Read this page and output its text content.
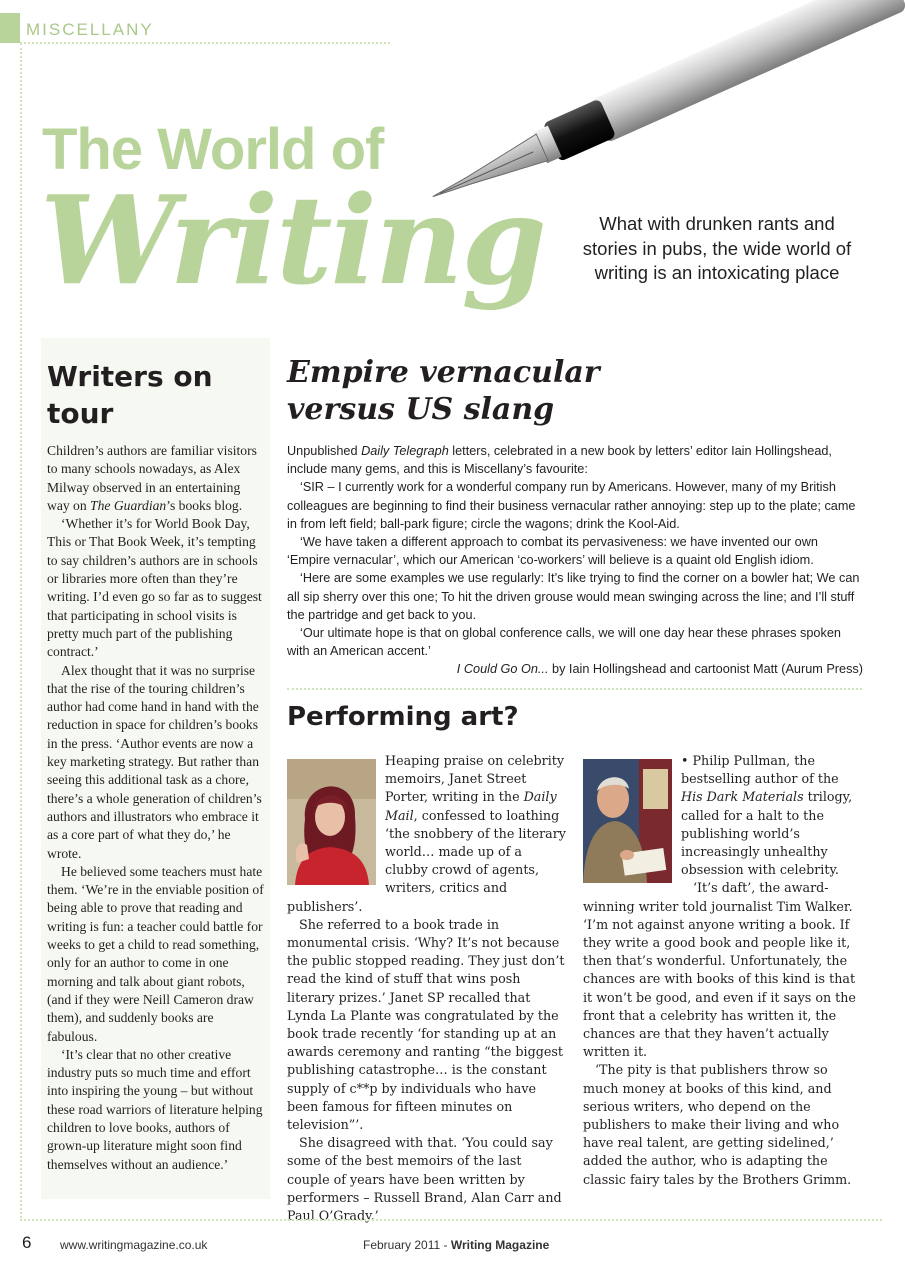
MISCELLANY
The World of
Writing	What with drunken rants and stories in pubs, the wide world of writing is an intoxicating place
Writers on tour

Children’s authors are familiar visitors to many schools nowadays, as Alex Milway observed in an entertaining way on The Guardian’s books blog.

‘Whether it’s for World Book Day, This or That Book Week, it’s tempting to say children’s authors are in schools or libraries more often than they’re writing. I’d even go so far as to suggest that participating in school visits is pretty much part of the publishing contract.’

Alex thought that it was no surprise that the rise of the touring children’s author had come hand in hand with the reduction in space for children’s books in the press. ‘Author events are now a key marketing strategy. But rather than seeing this additional task as a chore, there’s a whole generation of children’s authors and illustrators who embrace it as a core part of what they do,’ he wrote.

He believed some teachers must hate them. ‘We’re in the enviable position of being able to prove that reading and writing is fun: a teacher could battle for weeks to get a child to read something, only for an author to come in one morning and talk about giant robots, (and if they were Neill Cameron draw them), and suddenly books are fabulous.

‘It’s clear that no other creative industry puts so much time and effort into inspiring the young – but without these road warriors of literature helping children to love books, authors of grown-up literature might soon find themselves without an audience.’

Empire vernacular
versus US slang

Unpublished Daily Telegraph letters, celebrated in a new book by letters’ editor Iain Hollingshead, include many gems, and this is Miscellany’s favourite:

‘SIR – I currently work for a wonderful company run by Americans. However, many of my British colleagues are beginning to find their business vernacular rather annoying: step up to the plate; came in from left field; ball-park figure; circle the wagons; drink the Kool-Aid.

‘We have taken a different approach to combat its pervasiveness: we have invented our own ‘Empire vernacular’, which our American ‘co-workers’ will believe is a quaint old English idiom.

‘Here are some examples we use regularly: It’s like trying to find the corner on a bowler hat; We can all sip sherry over this one; To hit the driven grouse would mean swinging across the line; and I’ll stuff the partridge and get back to you.

‘Our ultimate hope is that on global conference calls, we will one day hear these phrases spoken with an American accent.’

I Could Go On... by Iain Hollingshead and cartoonist Matt (Aurum Press)

Performing art?

Heaping praise on celebrity memoirs, Janet Street Porter, writing in the Daily Mail, confessed to loathing ‘the snobbery of the literary world… made up of a clubby crowd of agents, writers, critics and publishers’.

She referred to a book trade in monumental crisis. ‘Why? It’s not because the public stopped reading. They just don’t read the kind of stuff that wins posh literary prizes.’ Janet SP recalled that Lynda La Plante was congratulated by the book trade recently ‘for standing up at an awards ceremony and ranting “the biggest publishing catastrophe… is the constant supply of c**p by individuals who have been famous for fifteen minutes on television”’.

She disagreed with that. ‘You could say some of the best memoirs of the last couple of years have been written by performers – Russell Brand, Alan Carr and Paul O’Grady.’

• Philip Pullman, the bestselling author of the His Dark Materials trilogy, called for a halt to the publishing world’s increasingly unhealthy obsession with celebrity.

‘It’s daft’, the award-winning writer told journalist Tim Walker. ‘I’m not against anyone writing a book. If they write a good book and people like it, then that’s wonderful. Unfortunately, the chances are with books of this kind is that it won’t be good, and even if it says on the front that a celebrity has written it, the chances are that they haven’t actually written it.

‘The pity is that publishers throw so much money at books of this kind, and serious writers, who depend on the publishers to make their living and who have real talent, are getting sidelined,’ added the author, who is adapting the classic fairy tales by the Brothers Grimm.

6 www.writingmagazine.co.uk	February 2011 - Writing Magazine
